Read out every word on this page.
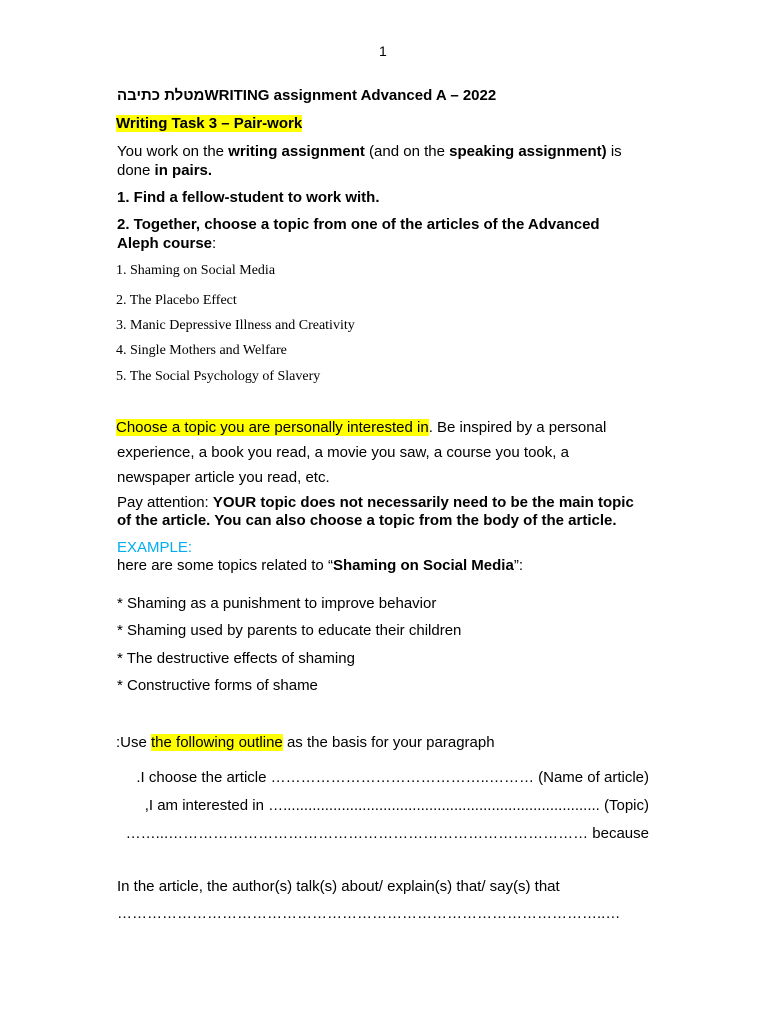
1
מטלת כתיבהWRITING assignment Advanced A – 2022
Writing Task 3 – Pair-work
You work on the writing assignment (and on the speaking assignment) is
done in pairs.
1. Find a fellow-student to work with.
2. Together, choose a topic from one of the articles of the Advanced
Aleph course:
1. Shaming on Social Media
2. The Placebo Effect
3. Manic Depressive Illness and Creativity
4. Single Mothers and Welfare
5. The Social Psychology of Slavery
Choose a topic you are personally interested in. Be inspired by a personal
experience, a book you read, a movie you saw, a course you took, a
newspaper article you read, etc.
Pay attention: YOUR topic does not necessarily need to be the main topic
of the article. You can also choose a topic from the body of the article.
EXAMPLE:
here are some topics related to “Shaming on Social Media”:
* Shaming as a punishment to improve behavior
* Shaming used by parents to educate their children
* The destructive effects of shaming
* Constructive forms of shame
:Use the following outline as the basis for your paragraph
.I choose the article ……………………………………..……… (Name of article)
,I am interested in …............................................................................ (Topic)
……...………………………………………………………………………… because
In the article, the author(s) talk(s) about/ explain(s) that/ say(s) that
……………………………………………………………………………………..…
